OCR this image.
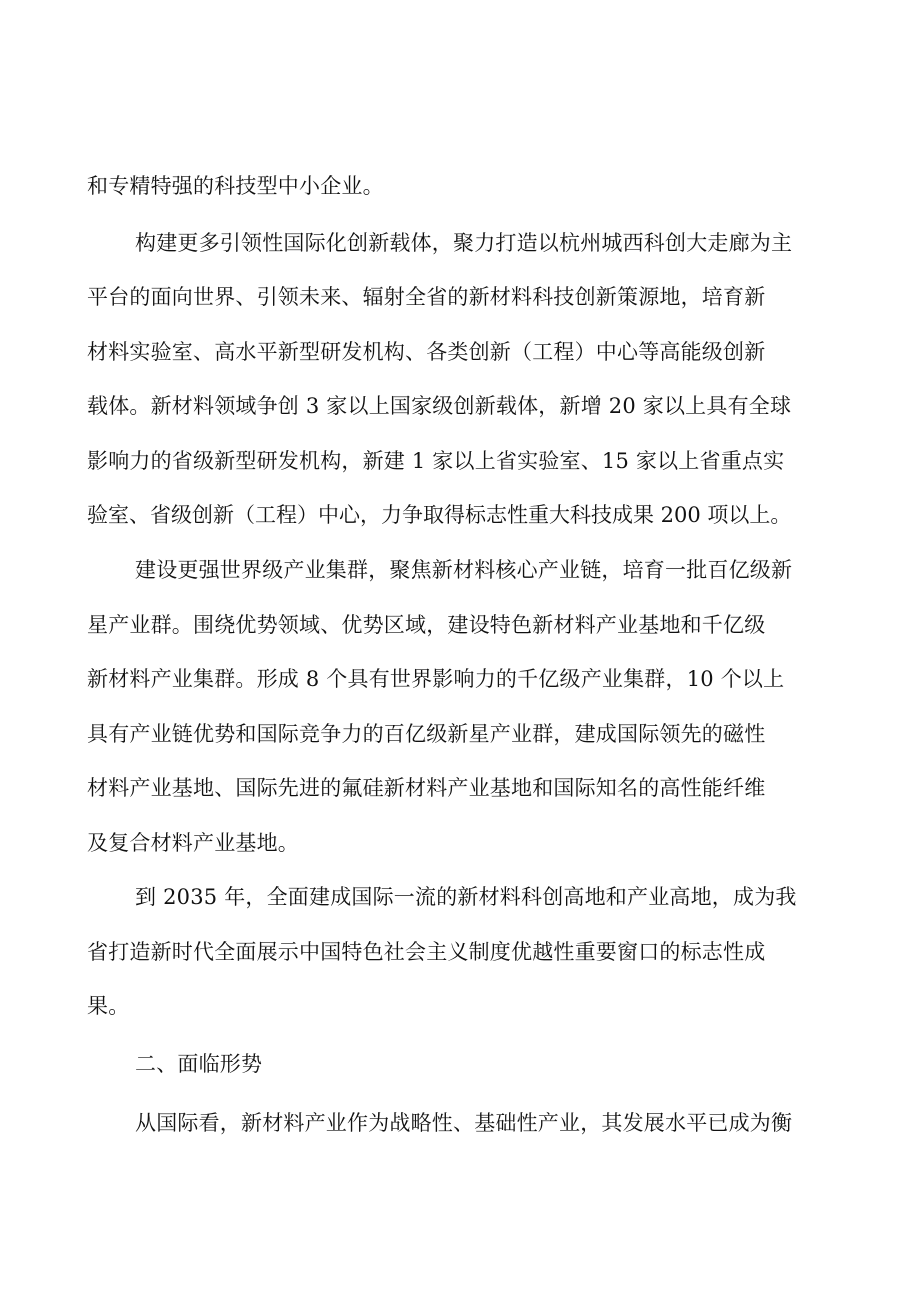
和专精特强的科技型中小企业。
构建更多引领性国际化创新载体，聚力打造以杭州城西科创大走廊为主
平台的面向世界、引领未来、辐射全省的新材料科技创新策源地，培育新
材料实验室、高水平新型研发机构、各类创新（工程）中心等高能级创新
载体。新材料领域争创 3 家以上国家级创新载体，新增 20 家以上具有全球
影响力的省级新型研发机构，新建 1 家以上省实验室、15 家以上省重点实
验室、省级创新（工程）中心，力争取得标志性重大科技成果 200 项以上。
建设更强世界级产业集群，聚焦新材料核心产业链，培育一批百亿级新
星产业群。围绕优势领域、优势区域，建设特色新材料产业基地和千亿级
新材料产业集群。形成 8 个具有世界影响力的千亿级产业集群，10 个以上
具有产业链优势和国际竞争力的百亿级新星产业群，建成国际领先的磁性
材料产业基地、国际先进的氟硅新材料产业基地和国际知名的高性能纤维
及复合材料产业基地。
到 2035 年，全面建成国际一流的新材料科创高地和产业高地，成为我
省打造新时代全面展示中国特色社会主义制度优越性重要窗口的标志性成
果。
二、面临形势
从国际看，新材料产业作为战略性、基础性产业，其发展水平已成为衡
